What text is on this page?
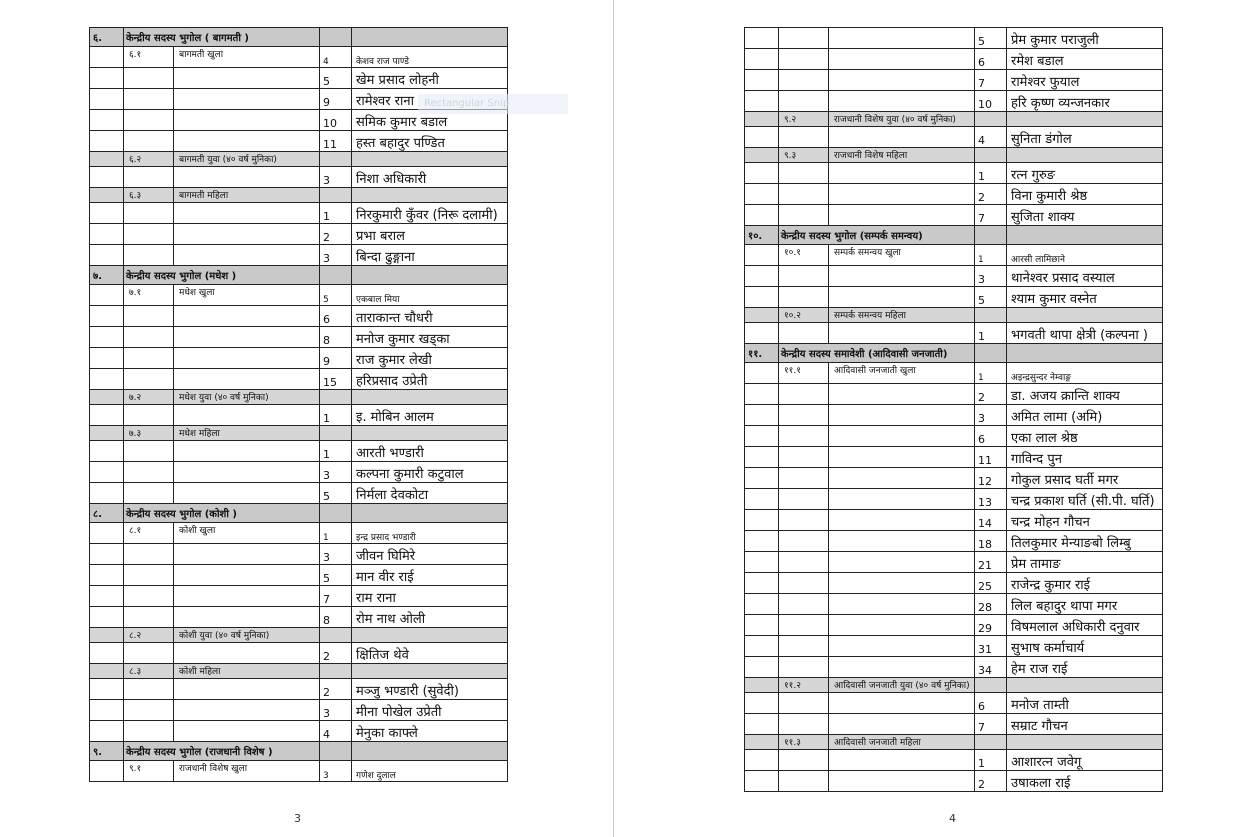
६.	केन्द्रीय सदस्य भुगोल ( बागमती )			
	६.१	बागमती खुला	4	केशव राज पाण्डे
			5	खेम प्रसाद लोहनी
			9	रामेश्वर राना
			10	समिक कुमार बडाल
			11	हस्त बहादुर पण्डित
	६.२	बागमती युवा (४० वर्ष मुनिका)		
			3	निशा अधिकारी
	६.३	बागमती महिला		
			1	निरकुमारी कुँवर (निरू दलामी)
			2	प्रभा बराल
			3	बिन्दा ढुङ्गाना
७.	केन्द्रीय सदस्य भुगोल (मधेश )			
	७.१	मधेश खुला	5	एकबाल मिया
			6	ताराकान्त चौधरी
			8	मनोज कुमार खड्का
			9	राज कुमार लेखी
			15	हरिप्रसाद उप्रेती
	७.२	मधेश युवा (४० वर्ष मुनिका)		
			1	इ. मोबिन आलम
	७.३	मधेश महिला		
			1	आरती भण्डारी
			3	कल्पना कुमारी कटुवाल
			5	निर्मला देवकोटा
८.	केन्द्रीय सदस्य भुगोल (कोशी )			
	८.१	कोशी खुला	1	इन्द्र प्रसाद भण्डारी
			3	जीवन घिमिरे
			5	मान वीर राई
			7	राम राना
			8	रोम नाथ ओली
	८.२	कोशी युवा (४० वर्ष मुनिका)		
			2	क्षितिज थेवे
	८.३	कोशी महिला		
			2	मञ्जु भण्डारी (सुवेदी)
			3	मीना पोखेल उप्रेती
			4	मेनुका काफ्ले
९.	केन्द्रीय सदस्य भुगोल (राजधानी विशेष )			
	९.१	राजधानी विशेष खुला	3	गणेश दुलाल
Rectangular Snip
3
			5	प्रेम कुमार पराजुली
			6	रमेश बडाल
			7	रामेश्वर फुयाल
			10	हरि कृष्ण व्यन्जनकार
	९.२	राजधानी विशेष युवा (४० वर्ष मुनिका)		
			4	सुनिता डंगोल
	९.३	राजधानी विशेष महिला		
			1	रत्न गुरुङ
			2	विना कुमारी श्रेष्ठ
			7	सुजिता शाक्य
१०.	केन्द्रीय सदस्य भुगोल (सम्पर्क समन्वय)			
	१०.१	सम्पर्क समन्वय खुला	1	आरसी लामिछाने
			3	थानेश्वर प्रसाद वस्याल
			5	श्याम कुमार वस्नेत
	१०.२	सम्पर्क समन्वय महिला		
			1	भगवती थापा क्षेत्री (कल्पना )
११.	केन्द्रीय सदस्य समावेशी (आदिवासी जनजाती)			
	११.१	आदिवासी जनजाती खुला	1	अइन्द्रसुन्दर नेम्वाङ्ग
			2	डा. अजय क्रान्ति शाक्य
			3	अमित लामा (अमि)
			6	एका लाल श्रेष्ठ
			11	गाविन्द पुन
			12	गोकुल प्रसाद घर्ती मगर
			13	चन्द्र प्रकाश घर्ति (सी.पी. घर्ति)
			14	चन्द्र मोहन गौचन
			18	तिलकुमार मेन्याङबो लिम्बु
			21	प्रेम तामाङ
			25	राजेन्द्र कुमार राई
			28	लिल बहादुर थापा मगर
			29	विषमलाल अधिकारी दनुवार
			31	सुभाष कर्माचार्य
			34	हेम राज राई
	११.२	आदिवासी जनजाती युवा (४० वर्ष मुनिका)		
			6	मनोज ताम्ती
			7	सम्राट गौचन
	११.३	आदिवासी जनजाती महिला		
			1	आशारत्न जवेगू
			2	उषाकला राई
4
